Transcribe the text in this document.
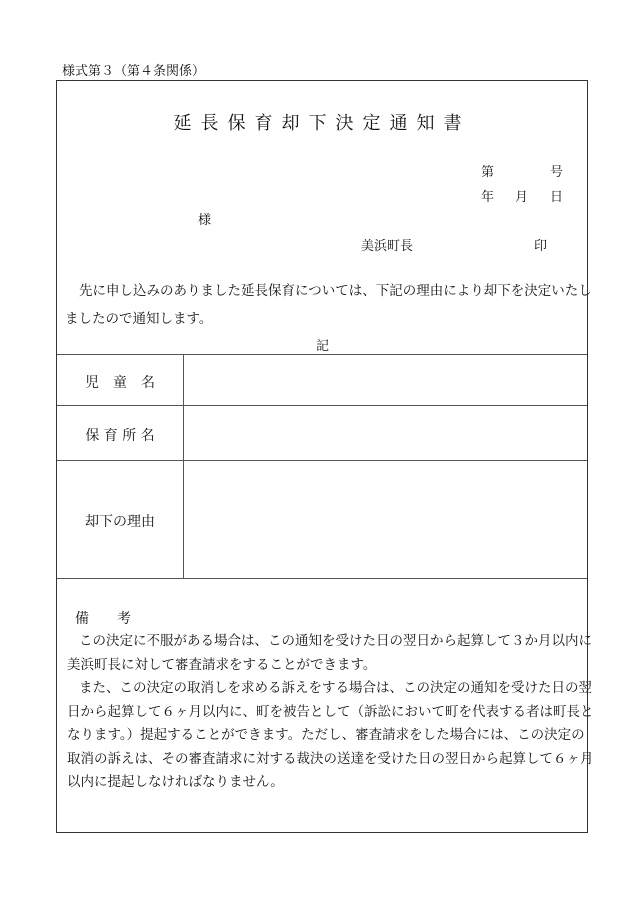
様式第３（第４条関係）
延長保育却下決定通知書
第	号
年 月 日
様
美浜町長	印
先に申し込みのありました延長保育については、下記の理由により却下を決定いたし
ましたので通知します。
記
児　童　名
保 育 所 名
却下の理由
備　　考
この決定に不服がある場合は、この通知を受けた日の翌日から起算して３か月以内に
美浜町長に対して審査請求をすることができます。
また、この決定の取消しを求める訴えをする場合は、この決定の通知を受けた日の翌
日から起算して６ヶ月以内に、町を被告として（訴訟において町を代表する者は町長と
なります。）提起することができます。ただし、審査請求をした場合には、この決定の
取消の訴えは、その審査請求に対する裁決の送達を受けた日の翌日から起算して６ヶ月
以内に提起しなければなりません。
